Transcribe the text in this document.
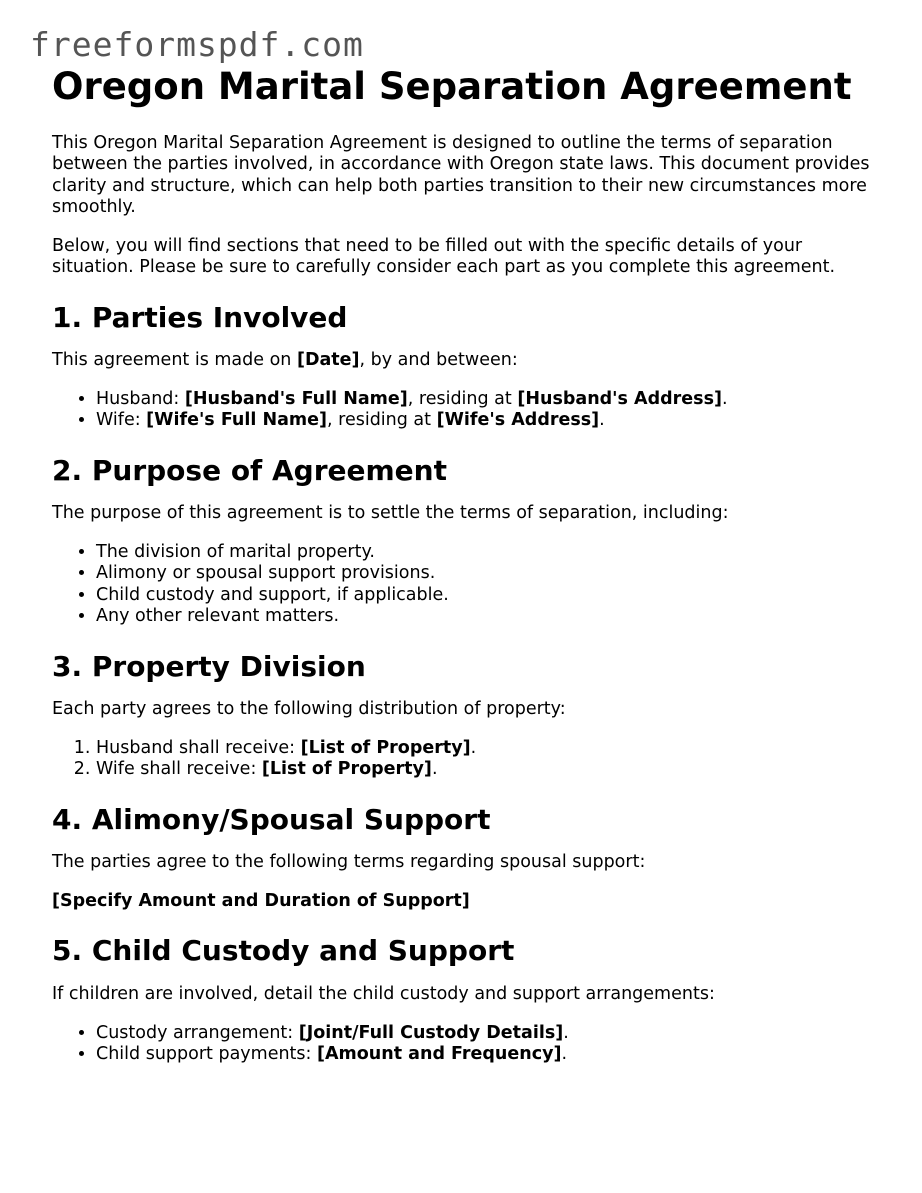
freeformspdf.com
Oregon Marital Separation Agreement

This Oregon Marital Separation Agreement is designed to outline the terms of separation between the parties involved, in accordance with Oregon state laws. This document provides clarity and structure, which can help both parties transition to their new circumstances more smoothly.

Below, you will find sections that need to be filled out with the specific details of your situation. Please be sure to carefully consider each part as you complete this agreement.

1. Parties Involved

This agreement is made on [Date], by and between:

• Husband: [Husband's Full Name], residing at [Husband's Address].
• Wife: [Wife's Full Name], residing at [Wife's Address].
2. Purpose of Agreement

The purpose of this agreement is to settle the terms of separation, including:

• The division of marital property.
• Alimony or spousal support provisions.
• Child custody and support, if applicable.
• Any other relevant matters.
3. Property Division

Each party agrees to the following distribution of property:

1. Husband shall receive: [List of Property].
2. Wife shall receive: [List of Property].
4. Alimony/Spousal Support

The parties agree to the following terms regarding spousal support:

[Specify Amount and Duration of Support]

5. Child Custody and Support

If children are involved, detail the child custody and support arrangements:

• Custody arrangement: [Joint/Full Custody Details].
• Child support payments: [Amount and Frequency].
